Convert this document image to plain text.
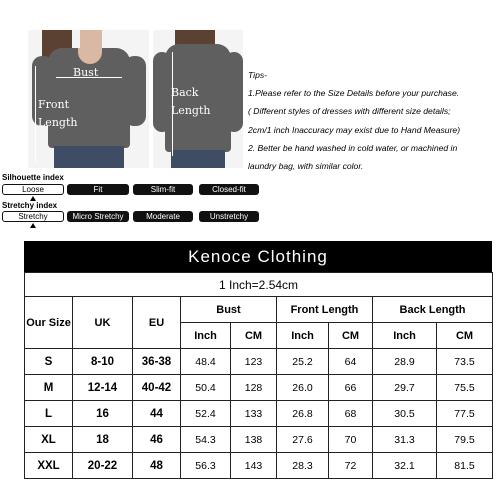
Bust
Front
Length
Back
Length
Tips-
1.Please refer to the Size Details before your purchase.
( Different styles of dresses with different size details;
2cm/1 inch Inaccuracy may exist due to Hand Measure)
2. Better be hand washed in cold water, or machined in
laundry bag, with similar color.
Silhouette index
Loose	Fit	Slim-fit	Closed-fit
Stretchy index
Stretchy	Micro Stretchy	Moderate	Unstretchy
Kenoce Clothing
1 Inch=2.54cm								
Our Size	UK	EU	Bust		Front Length		Back Length	
			Inch	CM	Inch	CM	Inch	CM
S	8-10	36-38	48.4	123	25.2	64	28.9	73.5
M	12-14	40-42	50.4	128	26.0	66	29.7	75.5
L	16	44	52.4	133	26.8	68	30.5	77.5
XL	18	46	54.3	138	27.6	70	31.3	79.5
XXL	20-22	48	56.3	143	28.3	72	32.1	81.5
